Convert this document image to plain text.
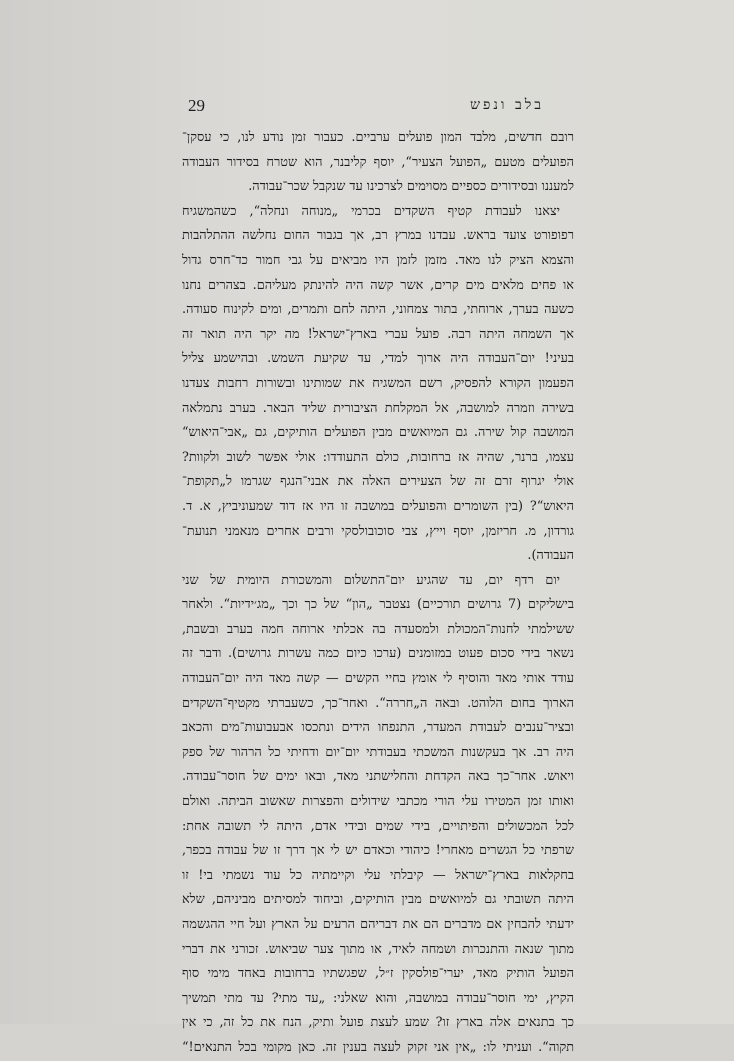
29	בלב ונפש
רובם חדשים, מלבד המון פועלים ערביים. כעבור זמן נודע לנו, כי עסקן־
הפועלים מטעם „הפועל הצעיר“, יוסף קליבנר, הוא שטרח בסידור העבודה
למעננו ובסידורים כספיים מסוימים לצרכינו עד שנקבל שכר־עבודה.
יצאנו לעבודת קטיף השקדים בכרמי „מנוחה ונחלה“, כשהמשגיח
רפופורט צועד בראש. עבדנו במרץ רב, אך בגבור החום נחלשה ההתלהבות
והצמא הציק לנו מאד. מזמן לזמן היו מביאים על גבי חמור כד־חרס גדול
או פחים מלאים מים קרים, אשר קשה היה להינתק מעליהם. בצהרים נחנו
כשעה בערך, ארוחתי, בתור צמחוני, היתה לחם ותמרים, ומים לקינוח סעודה.
אך השמחה היתה רבה. פועל עברי בארץ־ישראל! מה יקר היה תואר זה
בעיני! יום־העבודה היה ארוך למדי, עד שקיעת השמש. ובהישמע צליל
הפעמון הקורא להפסיק, רשם המשגיח את שמותינו ובשורות רחבות צעדנו
בשירה וזמרה למושבה, אל המקלחת הציבורית שליד הבאר. בערב נתמלאה
המושבה קול שירה. גם המיואשים מבין הפועלים הותיקים, גם „אבי־היאוש“
עצמו, ברנר, שהיה אז ברחובות, כולם התעודדו: אולי אפשר לשוב ולקוות?
אולי יגרוף זרם זה של הצעירים האלה את אבני־הנגף שגרמו ל„תקופת־
היאוש“? (בין השומרים והפועלים במושבה זו היו אז דוד שמעוניביץ, א. ד.
גורדון, מ. חריזמן, יוסף וייץ, צבי סוכובולסקי ורבים אחרים מנאמני תנועת־
העבודה).
יום רדף יום, עד שהגיע יום־התשלום והמשכורת היומית של שני
בישליקים (7 גרושים תורכיים) נצטבר „הון“ של כך וכך „מג׳ידיות“. ולאחר
ששילמתי לחנות־המכולת ולמסעדה בה אכלתי ארוחה חמה בערב ובשבת,
נשאר בידי סכום פעוט במזומנים (ערכו כיום כמה עשרות גרושים). ודבר זה
עודד אותי מאד והוסיף לי אומץ בחיי הקשים — קשה מאד היה יום־העבודה
הארוך בחום הלוהט. ובאה ה„חררה“. ואחר־כך, כשעברתי מקטיף־השקדים
ובציר־ענבים לעבודת המעדר, התנפחו הידים ונתכסו אבעבועות־מים והכאב
היה רב. אך בעקשנות המשכתי בעבודתי יום־יום ודחיתי כל הרהור של ספק
ויאוש. אחר־כך באה הקדחת והחלישתני מאד, ובאו ימים של חוסר־עבודה.
ואותו זמן המטירו עלי הורי מכתבי שידולים והפצרות שאשוב הביתה. ואולם
לכל המכשולים והפיתויים, בידי שמים ובידי אדם, היתה לי תשובה אחת:
שרפתי כל הגשרים מאחרי! כיהודי וכאדם יש לי אך דרך זו של עבודה בכפר,
בחקלאות בארץ־ישראל — קיבלתי עלי וקיימתיה כל עוד נשמתי בי! זו
היתה תשובתי גם למיואשים מבין הותיקים, וביחוד למסיתים מביניהם, שלא
ידעתי להבחין אם מדברים הם את דבריהם הרעים על הארץ ועל חיי ההגשמה
מתוך שנאה והתנכרות ושמחה לאיד, או מתוך צער שביאוש. זכורני את דברי
הפועל הותיק מאד, יערי־פולסקין ז״ל, שפגשתיו ברחובות באחד מימי סוף
הקיץ, ימי חוסר־עבודה במושבה, והוא שאלני: „עד מתי? עד מתי תמשיך
כך בתנאים אלה בארץ זו? שמע לעצת פועל ותיק, הנח את כל זה, כי אין
תקוה“. ועניתי לו: „אין אני זקוק לעצה בענין זה. כאן מקומי בכל התנאים!“
